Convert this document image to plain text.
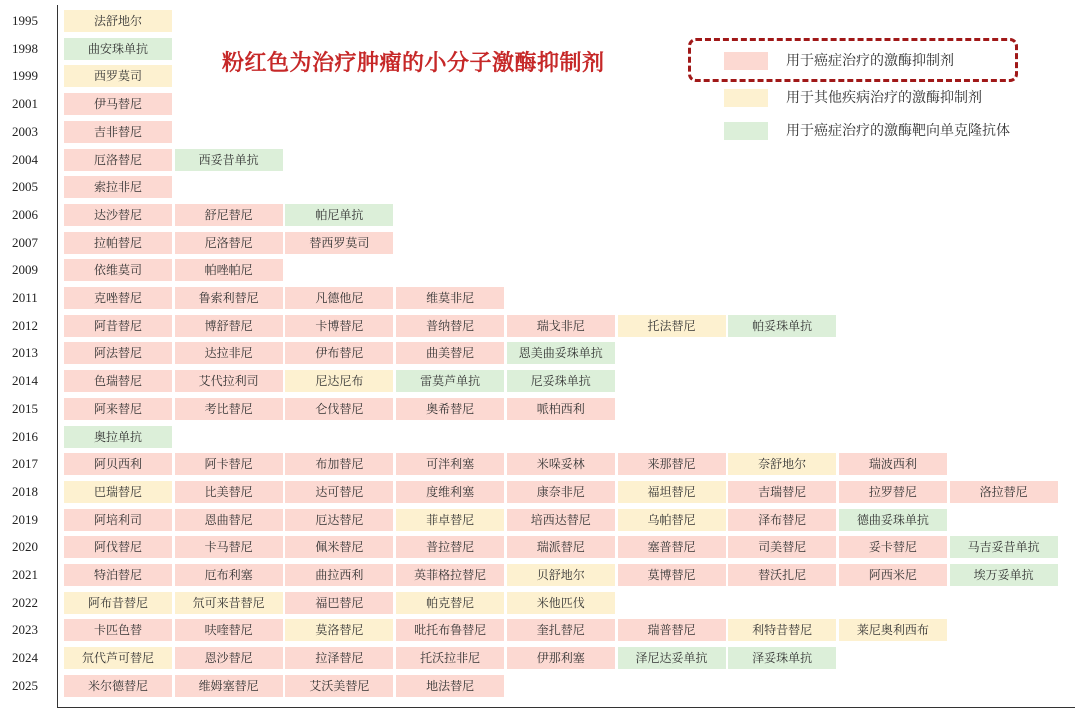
粉红色为治疗肿瘤的小分子激酶抑制剂	用于癌症治疗的激酶抑制剂
用于其他疾病治疗的激酶抑制剂
用于癌症治疗的激酶靶向单克隆抗体
1995	法舒地尔
1998	曲安珠单抗
1999	西罗莫司
2001	伊马替尼
2003	吉非替尼
2004	厄洛替尼	西妥昔单抗
2005	索拉非尼
2006	达沙替尼	舒尼替尼	帕尼单抗
2007	拉帕替尼	尼洛替尼	替西罗莫司
2009	依维莫司	帕唑帕尼
2011	克唑替尼	鲁索利替尼	凡德他尼	维莫非尼
2012	阿昔替尼	博舒替尼	卡博替尼	普纳替尼	瑞戈非尼	托法替尼	帕妥珠单抗
2013	阿法替尼	达拉非尼	伊布替尼	曲美替尼	恩美曲妥珠单抗
2014	色瑞替尼	艾代拉利司	尼达尼布	雷莫芦单抗	尼妥珠单抗
2015	阿来替尼	考比替尼	仑伐替尼	奥希替尼	哌柏西利
2016	奥拉单抗
2017	阿贝西利	阿卡替尼	布加替尼	可泮利塞	米哚妥林	来那替尼	奈舒地尔	瑞波西利
2018	巴瑞替尼	比美替尼	达可替尼	度维利塞	康奈非尼	福坦替尼	吉瑞替尼	拉罗替尼	洛拉替尼
2019	阿培利司	恩曲替尼	厄达替尼	菲卓替尼	培西达替尼	乌帕替尼	泽布替尼	德曲妥珠单抗
2020	阿伐替尼	卡马替尼	佩米替尼	普拉替尼	瑞派替尼	塞普替尼	司美替尼	妥卡替尼	马吉妥昔单抗
2021	特泊替尼	厄布利塞	曲拉西利	英菲格拉替尼	贝舒地尔	莫博替尼	替沃扎尼	阿西米尼	埃万妥单抗
2022	阿布昔替尼	氘可来昔替尼	福巴替尼	帕克替尼	米他匹伐
2023	卡匹色替	呋喹替尼	莫洛替尼	吡托布鲁替尼	奎扎替尼	瑞普替尼	利特昔替尼	莱尼奥利西布
2024	氘代芦可替尼	恩沙替尼	拉泽替尼	托沃拉非尼	伊那利塞	泽尼达妥单抗	泽妥珠单抗
2025	米尔德替尼	维姆塞替尼	艾沃美替尼	地法替尼
